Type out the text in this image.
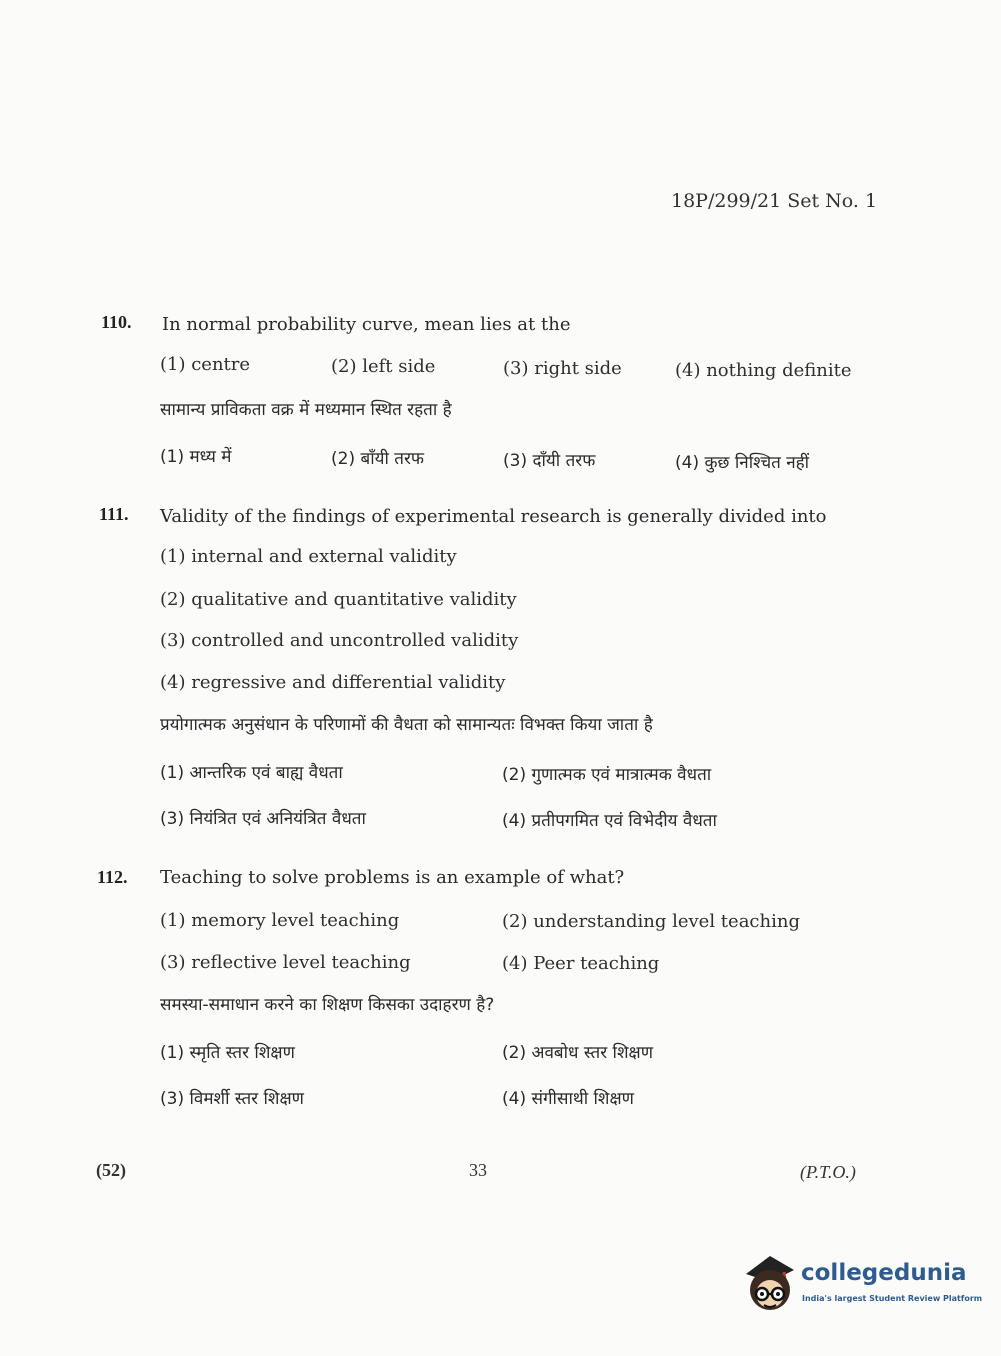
18P/299/21 Set No. 1
110. In normal probability curve, mean lies at the
(1) centre	(2) left side	(3) right side	(4) nothing definite
सामान्य प्राविकता वक्र में मध्यमान स्थित रहता है
(1) मध्य में	(2) बाँयी तरफ	(3) दाँयी तरफ	(4) कुछ निश्चित नहीं
111. Validity of the findings of experimental research is generally divided into
(1) internal and external validity
(2) qualitative and quantitative validity
(3) controlled and uncontrolled validity
(4) regressive and differential validity
प्रयोगात्मक अनुसंधान के परिणामों की वैधता को सामान्यतः विभक्त किया जाता है
(1) आन्तरिक एवं बाह्य वैधता	(2) गुणात्मक एवं मात्रात्मक वैधता
(3) नियंत्रित एवं अनियंत्रित वैधता	(4) प्रतीपगमित एवं विभेदीय वैधता
112. Teaching to solve problems is an example of what?
(1) memory level teaching	(2) understanding level teaching
(3) reflective level teaching	(4) Peer teaching
समस्या-समाधान करने का शिक्षण किसका उदाहरण है?
(1) स्मृति स्तर शिक्षण	(2) अवबोध स्तर शिक्षण
(3) विमर्शी स्तर शिक्षण	(4) संगीसाथी शिक्षण
(52)	33	(P.T.O.)
collegedunia
India's largest Student Review Platform
